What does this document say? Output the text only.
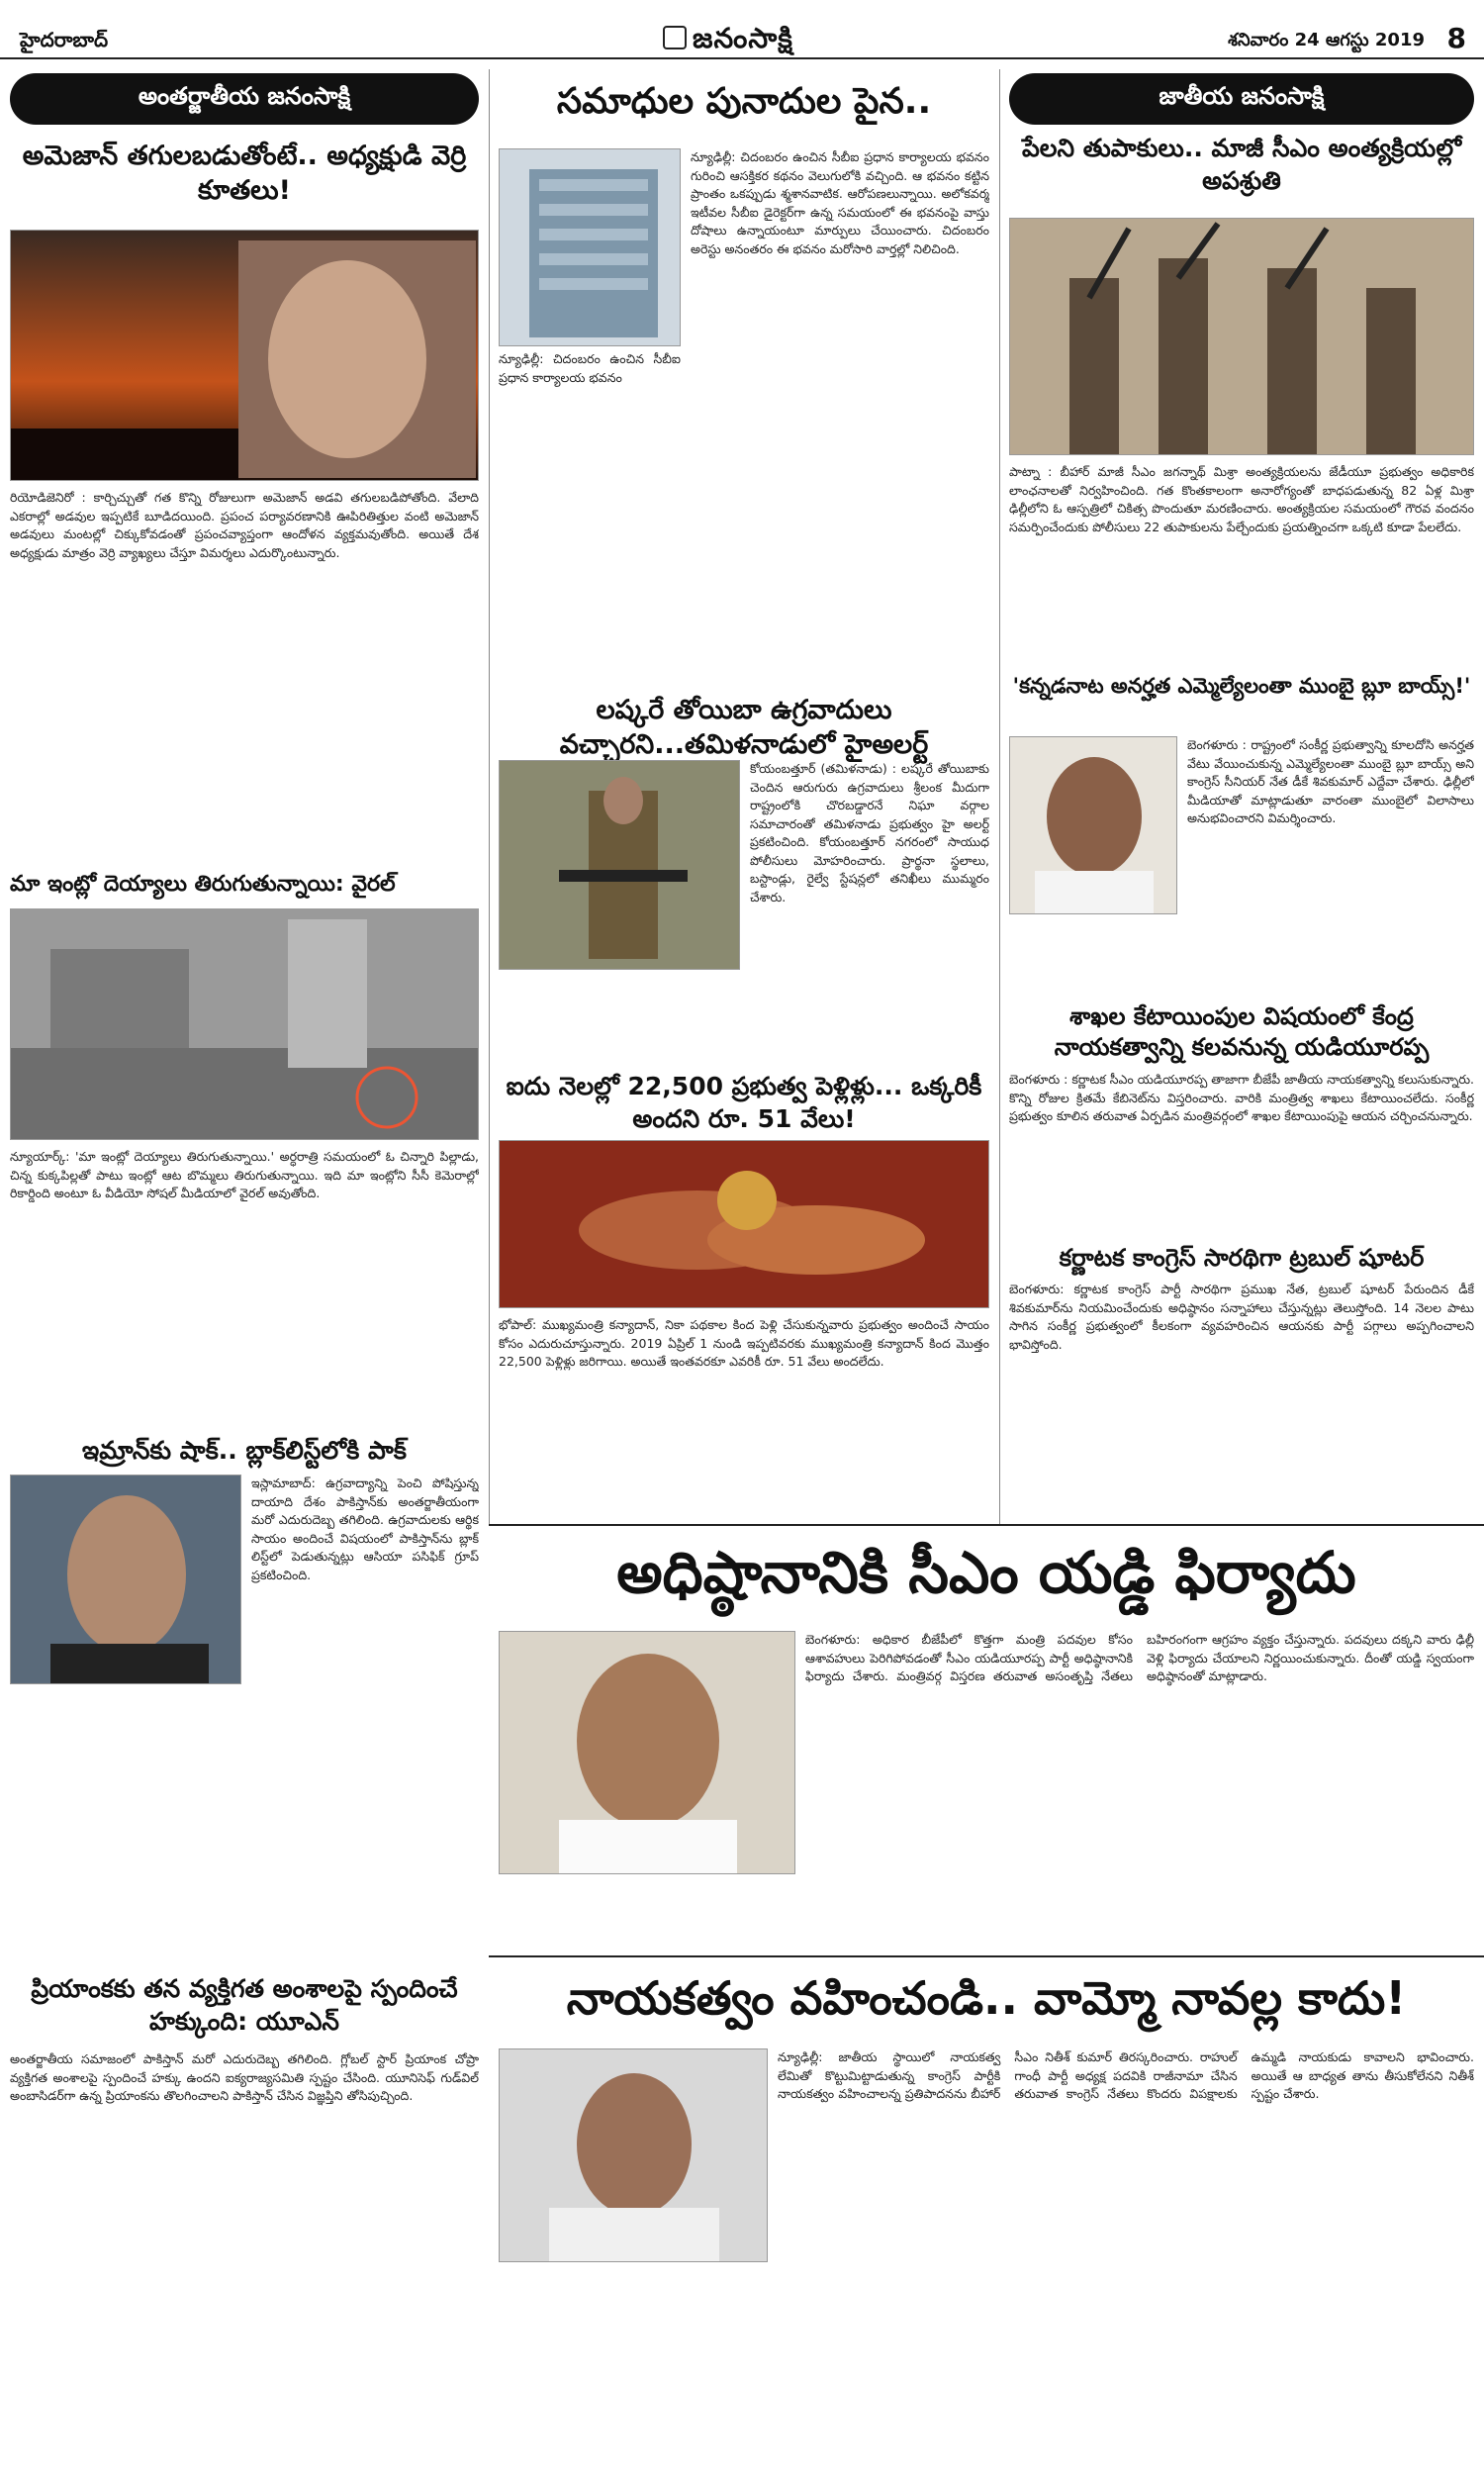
హైదరాబాద్	జనంసాక్షి	శనివారం 24 ఆగస్టు 2019 8
అంతర్జాతీయ జనంసాక్షి
అమెజాన్ తగులబడుతోంటే.. అధ్యక్షుడి వెర్రి కూతలు!
రియోడిజెనిరో : కార్చిచ్చుతో గత కొన్ని రోజులుగా అమెజాన్ అడవి తగులబడిపోతోంది. వేలాది ఎకరాల్లో అడవుల ఇప్పటికే బూడిదయింది. ప్రపంచ పర్యావరణానికి ఊపిరితిత్తుల వంటి అమెజాన్ అడవులు మంటల్లో చిక్కుకోవడంతో ప్రపంచవ్యాప్తంగా ఆందోళన వ్యక్తమవుతోంది. అయితే దేశ అధ్యక్షుడు మాత్రం వెర్రి వ్యాఖ్యలు చేస్తూ విమర్శలు ఎదుర్కొంటున్నారు.
మా ఇంట్లో దెయ్యాలు తిరుగుతున్నాయి: వైరల్
న్యూయార్క్: 'మా ఇంట్లో దెయ్యాలు తిరుగుతున్నాయి.' అర్ధరాత్రి సమయంలో ఓ చిన్నారి పిల్లాడు, చిన్న కుక్కపిల్లతో పాటు ఇంట్లో ఆట బొమ్మలు తిరుగుతున్నాయి. ఇది మా ఇంట్లోని సీసీ కెమెరాల్లో రికార్డింది అంటూ ఓ వీడియో సోషల్ మీడియాలో వైరల్ అవుతోంది.
ఇమ్రాన్‌కు షాక్.. బ్లాక్‌లిస్ట్‌లోకి పాక్
ఇస్లామాబాద్: ఉగ్రవాద్యాన్ని పెంచి పోషిస్తున్న దాయాది దేశం పాకిస్తాన్‌కు అంతర్జాతీయంగా మరో ఎదురుదెబ్బ తగిలింది. ఉగ్రవాదులకు ఆర్థిక సాయం అందించే విషయంలో పాకిస్తాన్‌ను బ్లాక్ లిస్ట్‌లో పెడుతున్నట్లు ఆసియా పసిఫిక్ గ్రూప్ ప్రకటించింది.
ప్రియాంకకు తన వ్యక్తిగత అంశాలపై స్పందించే హక్కుంది: యూఎన్
అంతర్జాతీయ సమాజంలో పాకిస్తాన్ మరో ఎదురుదెబ్బ తగిలింది. గ్లోబల్ స్టార్ ప్రియాంక చోప్రా వ్యక్తిగత అంశాలపై స్పందించే హక్కు ఉందని ఐక్యరాజ్యసమితి స్పష్టం చేసింది. యూనిసెఫ్ గుడ్‌విల్ అంబాసిడర్‌గా ఉన్న ప్రియాంకను తొలగించాలని పాకిస్తాన్ చేసిన విజ్ఞప్తిని తోసిపుచ్చింది.
సమాధుల పునాదుల పైన..
న్యూఢిల్లీ: చిదంబరం ఉంచిన సీబీఐ ప్రధాన కార్యాలయ భవనం
న్యూఢిల్లీ: చిదంబరం ఉంచిన సీబీఐ ప్రధాన కార్యాలయ భవనం గురించి ఆసక్తికర కథనం వెలుగులోకి వచ్చింది. ఆ భవనం కట్టిన ప్రాంతం ఒకప్పుడు శ్మశానవాటిక. ఆరోపణలున్నాయి. అలోకవర్మ ఇటీవల సీబీఐ డైరెక్టర్‌గా ఉన్న సమయంలో ఈ భవనంపై వాస్తు దోషాలు ఉన్నాయంటూ మార్పులు చేయించారు. చిదంబరం అరెస్టు అనంతరం ఈ భవనం మరోసారి వార్తల్లో నిలిచింది.
లష్కరే తోయిబా ఉగ్రవాదులు వచ్చారని...తమిళనాడులో హైఅలర్ట్
కోయంబత్తూర్ (తమిళనాడు) : లష్కరే తోయిబాకు చెందిన ఆరుగురు ఉగ్రవాదులు శ్రీలంక మీదుగా రాష్ట్రంలోకి చొరబడ్డారనే నిఘా వర్గాల సమాచారంతో తమిళనాడు ప్రభుత్వం హై అలర్ట్ ప్రకటించింది. కోయంబత్తూర్ నగరంలో సాయుధ పోలీసులు మోహరించారు. ప్రార్థనా స్థలాలు, బస్టాండ్లు, రైల్వే స్టేషన్లలో తనిఖీలు ముమ్మరం చేశారు.
ఐదు నెలల్లో 22,500 ప్రభుత్వ పెళ్లిళ్లు... ఒక్కరికీ అందని రూ. 51 వేలు!
భోపాల్: ముఖ్యమంత్రి కన్యాదాన్, నికా పథకాల కింద పెళ్లి చేసుకున్నవారు ప్రభుత్వం అందించే సాయం కోసం ఎదురుచూస్తున్నారు. 2019 ఏప్రిల్ 1 నుండి ఇప్పటివరకు ముఖ్యమంత్రి కన్యాదాన్ కింద మొత్తం 22,500 పెళ్లిళ్లు జరిగాయి. అయితే ఇంతవరకూ ఎవరికీ రూ. 51 వేలు అందలేదు.
జాతీయ జనంసాక్షి
పేలని తుపాకులు.. మాజీ సీఎం అంత్యక్రియల్లో అపశ్రుతి
పాట్నా : బీహార్ మాజీ సీఎం జగన్నాథ్ మిశ్రా అంత్యక్రియలను జేడీయూ ప్రభుత్వం అధికారిక లాంఛనాలతో నిర్వహించింది. గత కొంతకాలంగా అనారోగ్యంతో బాధపడుతున్న 82 ఏళ్ల మిశ్రా ఢిల్లీలోని ఓ ఆస్పత్రిలో చికిత్స పొందుతూ మరణించారు. అంత్యక్రియల సమయంలో గౌరవ వందనం సమర్పించేందుకు పోలీసులు 22 తుపాకులను పేల్చేందుకు ప్రయత్నించగా ఒక్కటి కూడా పేలలేదు.
'కన్నడనాట అనర్హత ఎమ్మెల్యేలంతా ముంబై బ్లూ బాయ్స్!'
బెంగళూరు : రాష్ట్రంలో సంకీర్ణ ప్రభుత్వాన్ని కూలదోసి అనర్హత వేటు వేయించుకున్న ఎమ్మెల్యేలంతా ముంబై బ్లూ బాయ్స్ అని కాంగ్రెస్ సీనియర్ నేత డీకే శివకుమార్ ఎద్దేవా చేశారు. ఢిల్లీలో మీడియాతో మాట్లాడుతూ వారంతా ముంబైలో విలాసాలు అనుభవించారని విమర్శించారు.
శాఖల కేటాయింపుల విషయంలో కేంద్ర నాయకత్వాన్ని కలవనున్న యడియూరప్ప
బెంగళూరు : కర్ణాటక సీఎం యడియూరప్ప తాజాగా బీజేపీ జాతీయ నాయకత్వాన్ని కలుసుకున్నారు. కొన్ని రోజుల క్రితమే కేబినెట్‌ను విస్తరించారు. వారికి మంత్రిత్వ శాఖలు కేటాయించలేదు. సంకీర్ణ ప్రభుత్వం కూలిన తరువాత ఏర్పడిన మంత్రివర్గంలో శాఖల కేటాయింపుపై ఆయన చర్చించనున్నారు.
కర్ణాటక కాంగ్రెస్ సారథిగా ట్రబుల్ షూటర్
బెంగళూరు: కర్ణాటక కాంగ్రెస్ పార్టీ సారథిగా ప్రముఖ నేత, ట్రబుల్ షూటర్ పేరుందిన డీకే శివకుమార్‌ను నియమించేందుకు అధిష్ఠానం సన్నాహాలు చేస్తున్నట్లు తెలుస్తోంది. 14 నెలల పాటు సాగిన సంకీర్ణ ప్రభుత్వంలో కీలకంగా వ్యవహరించిన ఆయనకు పార్టీ పగ్గాలు అప్పగించాలని భావిస్తోంది.
అధిష్ఠానానికి సీఎం యడ్డి ఫిర్యాదు
బెంగళూరు: అధికార బీజేపీలో కొత్తగా మంత్రి పదవుల కోసం ఆశావహులు పెరిగిపోవడంతో సీఎం యడియూరప్ప పార్టీ అధిష్ఠానానికి ఫిర్యాదు చేశారు. మంత్రివర్గ విస్తరణ తరువాత అసంతృప్తి నేతలు బహిరంగంగా ఆగ్రహం వ్యక్తం చేస్తున్నారు. పదవులు దక్కని వారు ఢిల్లీ వెళ్లి ఫిర్యాదు చేయాలని నిర్ణయించుకున్నారు. దీంతో యడ్డి స్వయంగా అధిష్ఠానంతో మాట్లాడారు.
నాయకత్వం వహించండి.. వామ్మో నావల్ల కాదు!
న్యూఢిల్లీ: జాతీయ స్థాయిలో నాయకత్వ లేమితో కొట్టుమిట్టాడుతున్న కాంగ్రెస్ పార్టీకి నాయకత్వం వహించాలన్న ప్రతిపాదనను బీహార్ సీఎం నితీశ్ కుమార్ తిరస్కరించారు. రాహుల్ గాంధీ పార్టీ అధ్యక్ష పదవికి రాజీనామా చేసిన తరువాత కాంగ్రెస్ నేతలు కొందరు విపక్షాలకు ఉమ్మడి నాయకుడు కావాలని భావించారు. అయితే ఆ బాధ్యత తాను తీసుకోలేనని నితీశ్ స్పష్టం చేశారు.
